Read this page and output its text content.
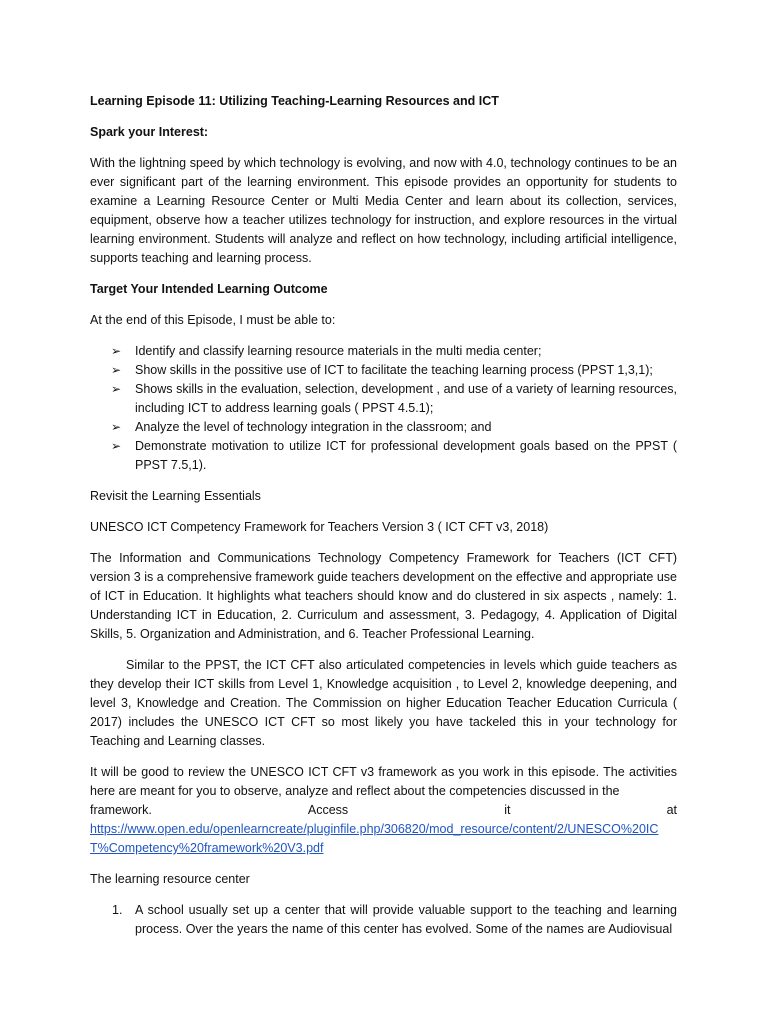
Learning Episode 11: Utilizing Teaching-Learning Resources and ICT
Spark your Interest:

With the lightning speed by which technology is evolving, and now with 4.0, technology continues to be an ever significant part of the learning environment. This episode provides an opportunity for students to examine a Learning Resource Center or Multi Media Center and learn about its collection, services, equipment, observe how a teacher utilizes technology for instruction, and explore resources in the virtual learning environment. Students will analyze and reflect on how technology, including artificial intelligence, supports teaching and learning process.

Target Your Intended Learning Outcome

At the end of this Episode, I must be able to:

➢ Identify and classify learning resource materials in the multi media center;
➢ Show skills in the possitive use of ICT to facilitate the teaching learning process (PPST 1,3,1);
➢ Shows skills in the evaluation, selection, development , and use of a variety of learning resources, including ICT to address learning goals ( PPST 4.5.1);
➢ Analyze the level of technology integration in the classroom; and
➢ Demonstrate motivation to utilize ICT for professional development goals based on the PPST ( PPST 7.5,1).

Revisit the Learning Essentials

UNESCO ICT Competency Framework for Teachers Version 3 ( ICT CFT v3, 2018)

The Information and Communications Technology Competency Framework for Teachers (ICT CFT) version 3 is a comprehensive framework guide teachers development on the effective and appropriate use of ICT in Education. It highlights what teachers should know and do clustered in six aspects , namely: 1. Understanding ICT in Education, 2. Curriculum and assessment, 3. Pedagogy, 4. Application of Digital Skills, 5. Organization and Administration, and 6. Teacher Professional Learning.

Similar to the PPST, the ICT CFT also articulated competencies in levels which guide teachers as they develop their ICT skills from Level 1, Knowledge acquisition , to Level 2, knowledge deepening, and level 3, Knowledge and Creation. The Commission on higher Education Teacher Education Curricula ( 2017) includes the UNESCO ICT CFT so most likely you have tackeled this in your technology for Teaching and Learning classes.

It will be good to review the UNESCO ICT CFT v3 framework as you work in this episode. The activities here are meant for you to observe, analyze and reflect about the competencies discussed in the
framework.	Access	it	at
https://www.open.edu/openlearncreate/pluginfile.php/306820/mod_resource/content/2/UNESCO%20ICT%Competency%20framework%20V3.pdf

The learning resource center

1. A school usually set up a center that will provide valuable support to the teaching and learning process. Over the years the name of this center has evolved. Some of the names are Audiovisual
